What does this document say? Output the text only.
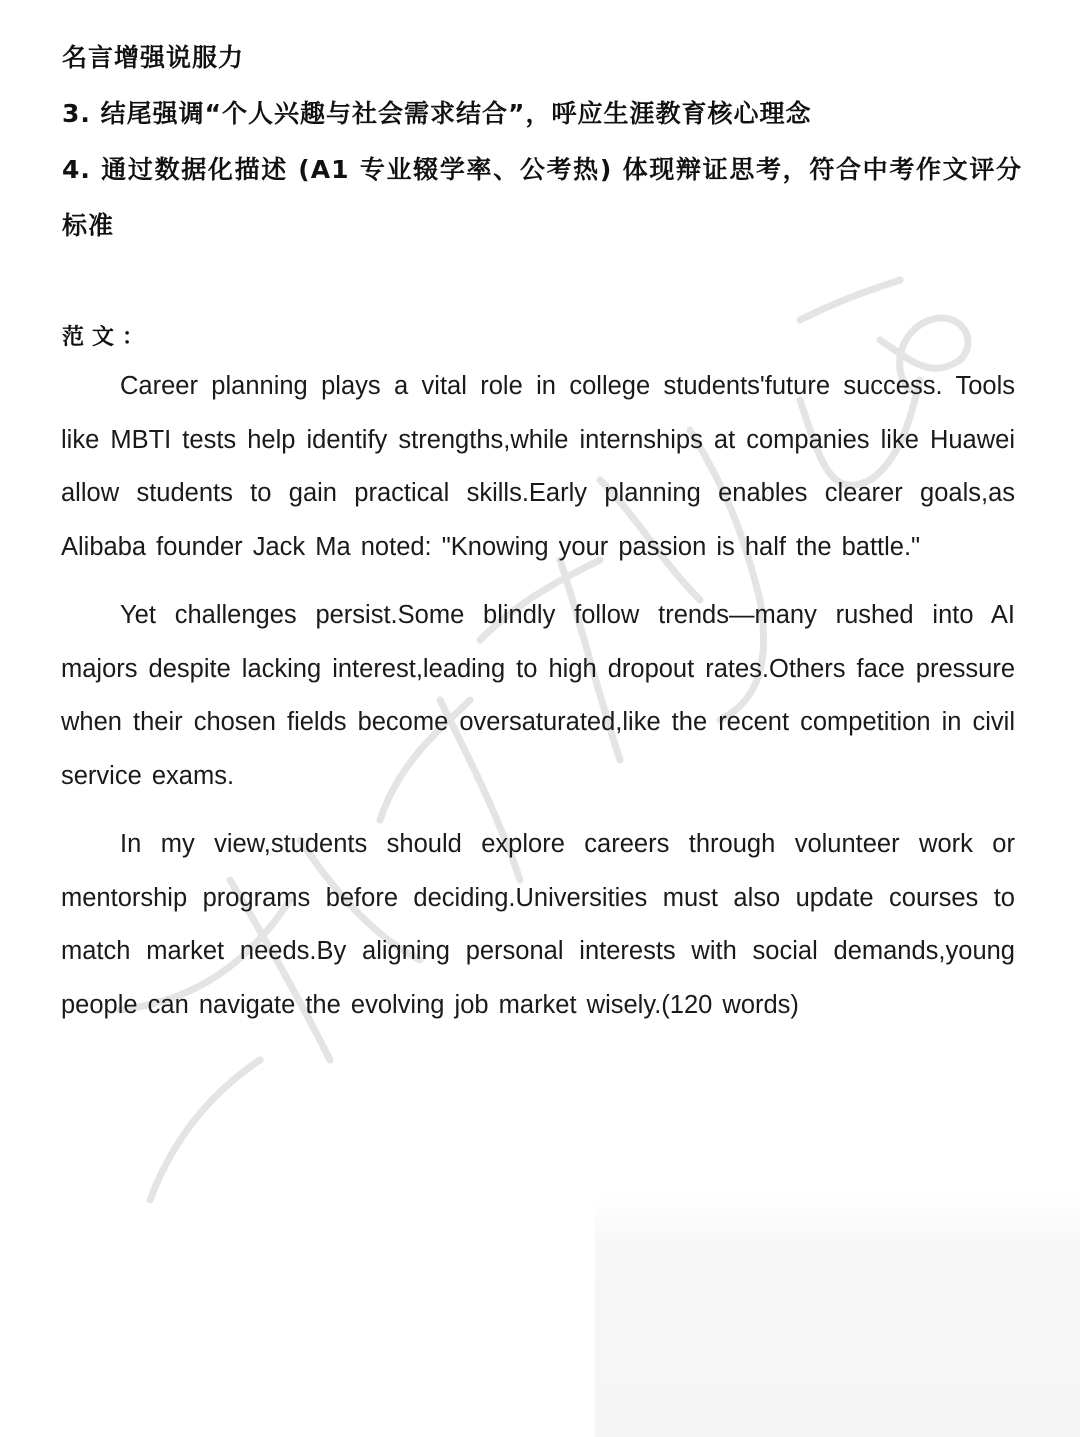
名言增强说服力
3. 结尾强调“个人兴趣与社会需求结合”，呼应生涯教育核心理念
4. 通过数据化描述 (A1 专业辍学率、公考热) 体现辩证思考，符合中考作文评分标准
范文：

Career planning plays a vital role in college students'future success. Tools like MBTI tests help identify strengths,while internships at companies like Huawei allow students to gain practical skills.Early planning enables clearer goals,as Alibaba founder Jack Ma noted: "Knowing your passion is half the battle."

Yet challenges persist.Some blindly follow trends—many rushed into AI majors despite lacking interest,leading to high dropout rates.Others face pressure when their chosen fields become oversaturated,like the recent competition in civil service exams.

In my view,students should explore careers through volunteer work or mentorship programs before deciding.Universities must also update courses to match market needs.By aligning personal interests with social demands,young people can navigate the evolving job market wisely.(120 words)
